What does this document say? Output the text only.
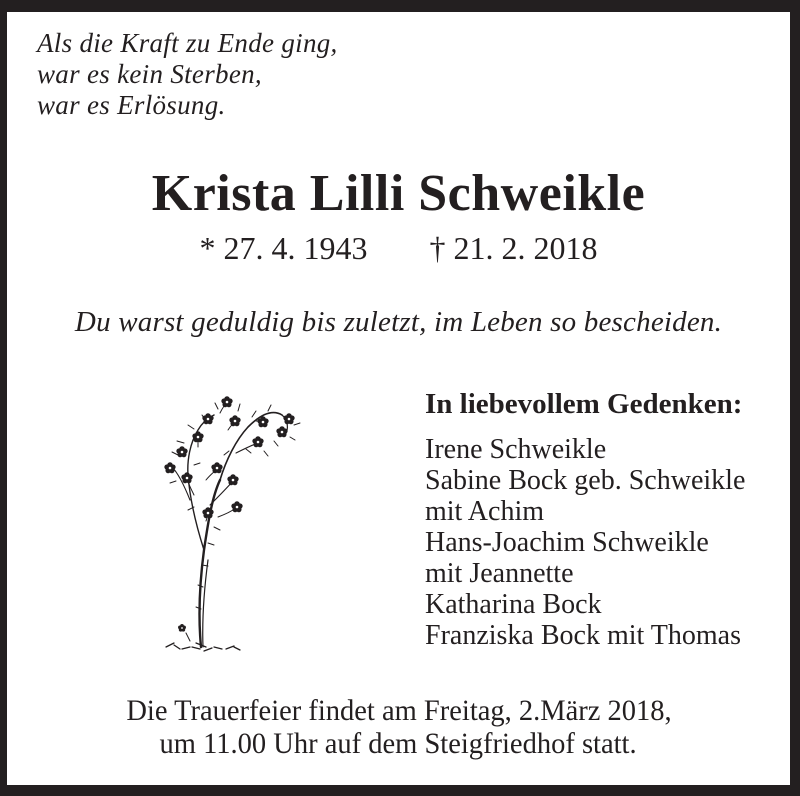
Als die Kraft zu Ende ging,
war es kein Sterben,
war es Erlösung.
Krista Lilli Schweikle
* 27. 4. 1943 † 21. 2. 2018
Du warst geduldig bis zuletzt, im Leben so bescheiden.
In liebevollem Gedenken:
Irene Schweikle
Sabine Bock geb. Schweikle
mit Achim
Hans-Joachim Schweikle
mit Jeannette
Katharina Bock
Franziska Bock mit Thomas
Die Trauerfeier findet am Freitag, 2.März 2018,
um 11.00 Uhr auf dem Steigfriedhof statt.
